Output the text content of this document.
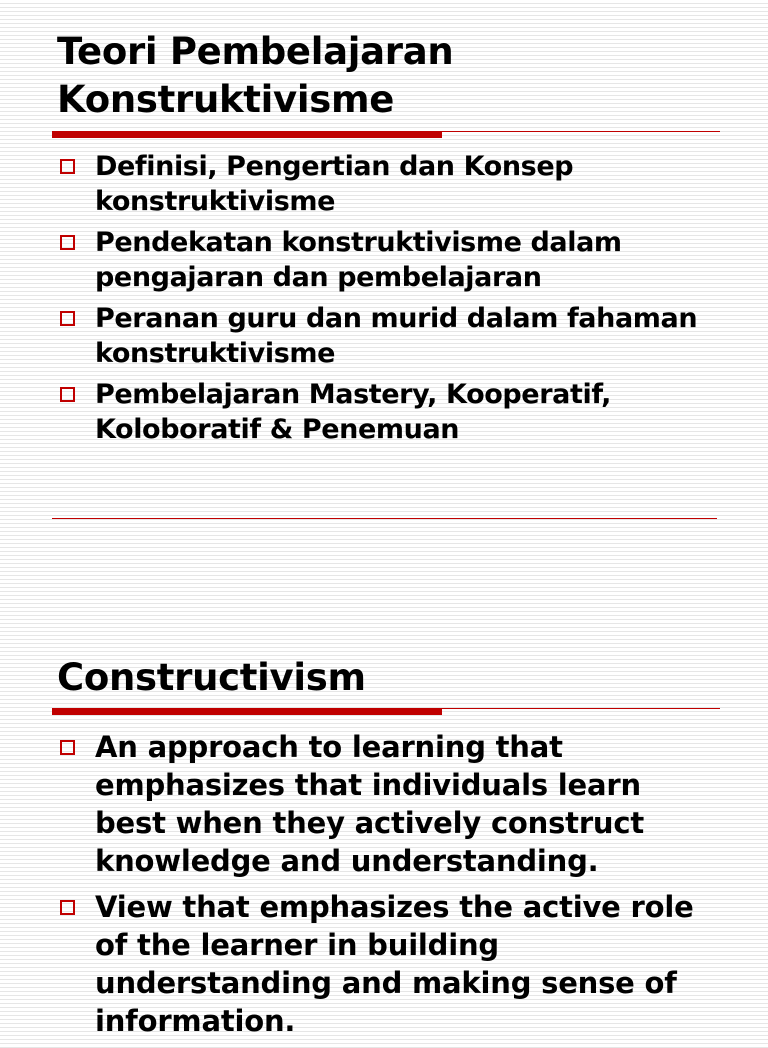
Teori Pembelajaran
Konstruktivisme
Definisi, Pengertian dan Konsep konstruktivisme
Pendekatan konstruktivisme dalam pengajaran dan pembelajaran
Peranan guru dan murid dalam fahaman konstruktivisme
Pembelajaran Mastery, Kooperatif, Koloboratif & Penemuan
Constructivism
An approach to learning that emphasizes that individuals learn best when they actively construct knowledge and understanding.
View that emphasizes the active role of the learner in building understanding and making sense of information.
